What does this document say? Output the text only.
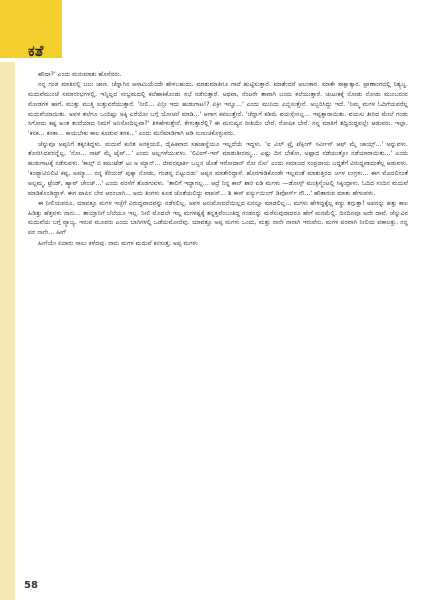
ಕತೆ

ಹೌದಾ?' ಎಂದು ಮರುಮಾತು ಹೊಸೆದರು.

ನನ್ನ ಗಂಡ ಮಾತಿನಲ್ಲಿ ಬಲು ಜಾಣ. ಚೆನ್ನಾಗಿನ ಆಸಾಮಿಯೆಂದೇ ಹೇಳಬಹುದು. ಮಾತುಮಾತಿಗೂ ಗಾದೆ ಹುಟ್ಟಿಸುತ್ತಾರೆ. ಮಾತೆಂದರೆ ಅಲಂಕಾರ. ಮಾತೇ ಸಾಕ್ಷಾತ್ಕಾರ. ಪ್ರಾಣಾಂಗದಲ್ಲಿ ನಿಶ್ಯಬ್ದ. ಮದುವೆಮುಂಚೆ ಸಮಾರಂಭಗಳಲ್ಲಿ, ಇನ್ನಿಲ್ಲದ ಸಂಭ್ರಮದಲ್ಲಿ ಕಲೆಹಾಕಿಕೊಂಡು ಸಭೆ ನಡೆಸುತ್ತಾರೆ. ಅಥವಾ, ನೆಂಟರೇ ತಾವಾಗಿ ಬಂದು ಕಲೆಯುತ್ತಾರೆ. ಚುಟುಕಕ್ಕೆ ನೋಡು ನೋಡು ಮುಂಬರುವ ಮೋಡಗಳ ಹಾಗೆ, ಮುತ್ತು ಮುತ್ತಿ ಸುತ್ತುವರೆಯುತ್ತಾರೆ. 'ನೀಲಿ... ಏನ್ರೀ ಇದು ಹುಡುಗಾಟ!? ಏಕ್ರೀ ಇನ್ನೂ...' ಎಂದು ಮುನಿದು ಎಬ್ಬಿಸುತ್ತೇನೆ. ಅಬ್ಬರಿಸಿದ್ದು ಇದೆ. 'ನಿಮ್ಮ ಮಗಳ ಓದಿಗೆಯವರೆಲ್ಲ ಮದುವೆಯಾಯಿತು. ಅವಳ ತಲೆಗೂ ಒಂದಿಷ್ಟು ಅಕ್ಕಿ ಎರೆಯೋ ಬಗ್ಗೆ ಯೋಚನೆ ಮಾಡಿ...' ಆಗಾಗ ಕವಲುತ್ತೇನೆ. 'ಚೆನ್ನಾಗೆ ಕಡಿಮೆ ವಯಸ್ಸೇನಲ್ಲ... ಇಪ್ಪತ್ತಾರಾಯಿತು. ವಯಸು ತೀರಿದ ಮೇಲೆ ಗಂಡು ಸಿಗೋದು ಕಷ್ಟ ಅಂತ ತಂದೆಯಾದ ನಿಮಗೆ ಅನಿಸೋದಿಲ್ಲವಾ?' ತಿಳಿಹೇಳುತ್ತೇನೆ. ಕೇಳುತ್ತಾರೆಲ್ಲಿ? ಈ ಮನುಷ್ಯನ ರೀತಿಯೇ ಬೇರೆ. ರೋಷಿಕ ಬೇರೆ. ನನ್ನ ಮಾತಿಗೆ ತದ್ವಿರುದ್ಧವಲ್ಲೇ ಆಡುವರು. ಇಲ್ಲಾ, 'ಕನಕ... ಕನಕಾ... ಕಾಯಬೇಕು ಕಾಲ ಕೂಡುವ ತನಕ...' ಎಂದು ಮನೆಮಾಡಿಗಾಗಿ ಆಡಿ ಸುಣುಚಿಕೊಳ್ಳುವರು.

ಚೆನ್ನುವೂ ಅಪ್ಪನಿಗೆ ತಕ್ಕಂತಿದ್ದಳು. ಮದುವೆ ಕುರಿತ ಅನಕ್ತಯಲಿ, ದೈಹಿಕವಾದ ಸಹಜಾಸ್ಥೆಯೂ ಇಲ್ಲದೆಯೆ ಇದ್ದಳು. 'ಐ ವಿಲ್ ಟ್ರೈ ಟೆಕ್ಸಿಂಗ್ ಸರ್ವೀಸ್ ಆಫ್ ಮೈ ಚಾಯ್ಸ್...' ಅನ್ನುವಳು. ತೋರಿಸಿದವರನ್ನೆಲ್ಲ, 'ನೋ... ನಾಟ್ ಮೈ ಟೈಪ್...' ಎಂದು ಅಲ್ಲಗಳೆಯುವಳು. 'ಲಿವಿಂಗ್-ಇನ್ ಮಾಡುತೀನಮ್ಮ... ಎಷ್ಟು ದಿನ ಬೇಕೋ, ಅಷ್ಟಾದ ನಡೆಯುತ್ತೋ ನಡೆಯಾರಾಯಿತು...' ಎಂದು ಹುಡುಗಾಟಕ್ಕೆ ನಡೆಸುವಳು. 'ಕಾಲ್ಸ್ ಬಿ ಕಮುಟೆಡ್ ಟು ಅ ಮ್ಯಾನ್... ಜೀವನಪೂರ್ತಿ ಒಬ್ಬನ ಜೊತೆ ಇರೋದಾನ್ ನೋ ನೋ' ಎಂದು ಸಮಾಜದ ಸಂಪ್ರದಾಯ ಬದ್ಧತೆಗೆ ವಿರುದ್ಧವಾದಂತೆಲ್ಲ ಆಡುವಳು. 'ಕಂಪ್ಯಾಟಿಬಿಲಿಟಿ ಕಷ್ಟ, ಅಮ್ಮಾ... ನನ್ನ ಕೆರಿಯರ್ ಪುಕ್ಕಾ ನೋಡು, ಗಂಡನ್ನ ಬಿಟ್ಟುಬಿಡು' ಅಪ್ಪನ ಮಾತೇರಿದ್ದಾಳೆ. ಹೊರಗಾಡಿಕೊಂಡೇ ಇಲ್ಲವಂತೆ ಮಾತುತ್ತಿರದ ಜಗಳ ಉಗ್ರಳು... ಈಗ ಮೊದಲಿನಂತೆ ಅಲ್ಲಮ್ಮ, ಟ್ರೆಂಡ್, ಹ್ಯಾವ್ ಚೇಂಜ್...' ಎಂದು ವರಸೆಗೆ ತೊಡಗುವಳು. 'ತಾಲಿಗೆ ಇದ್ದಾಗಲ್ಲ... ಆದ್ರೆ ನಿನ್ನ ಕಾನ್ ಶಾರಿ ಐಡಿ ಮಗಳು —ಡೋಸ್ಸ್ ಮಂತ್ರಿಸ್ಮೆಂಟಲ್ಲಿ ಸಿಕ್ಕಿಂದ್ರಾಳು. ಓದಿದ ಸಂದಿನ ಮದುವೆ ಮಾಡಿಕೊಂಡಿದ್ದಾಳೆ. ಈಗ ಪಾಪಿನ ಬೇರ ಆರಂಬಾಗಿ... ಅದು ತಿಂಗಳು ಕೂಡ ಜೊತೆಯಲಿದ್ದು ವಾಪಸ್... ಶಿ ಈಸ್ ಪರ್ಸ್ಯುಯಿಂಗ್ ಡಿವೋರ್ಸ್ ನೌ...' ಹೌತಾರುವ ಮಾತು ಹೇಳುವಳು.

ಈ ನೀಲಿಯವರೂ, ಯಾವತ್ತೂ ಮಗಳ ಇಚ್ಛೆಗೆ ವಿರುದ್ಧವಾದವನ್ನು ನಡೆಸಲಿಲ್ಲ. ಅವಳ ಅನುಮೋದನೆಯಿಲ್ಲದ ಏನನ್ನೂ ಮಾಡಲಿಲ್ಲ... ಮಗಳು ಹೇಳಿದ್ದಕ್ಕೆಲ್ಲ ಕಣ್ಣು ತಗ್ಗುತ್ತಾ! ಅವನನ್ನು ಹತ್ತು ಕಾಲ ಹಿಡಿತ್ತು ಹೆತ್ತವಳು ನಾನು... ತಾಯ್ತಾನಿಗೆ ಬೆಲೆಯೂ ಇಲ್ಲ. ನೀಲಿ ಮೊದಲೇ ಇಲ್ಲ ಮಗಳಷ್ಟಕ್ಕೆ ತನ್ನತ್ತವೆಂಬಂತಿದ್ದ ಗಂಡನನ್ನು ಮರೆಸುವುದಾದರೂ ಹೇಗೆ ಮನಮೆಲ್ಲಿ. ದಿನದಿನವೂ ಅದೇ ದಾವೆ. ಚೆನ್ನುವಿನ ಮದುವೆಯ ಬಗ್ಗೆ ವ್ಯಾಜ್ಯ. ಇರುವ ಮೂವರು ಎಂದು ಬಾಗಿಗಳಲ್ಲಿ ಒಡೆಯಮೋದೆವು. ಯಾವತ್ತೂ ಅಪ್ಪ ಮಗಳು ಒಂದು, ಮತ್ತು ನಾನೇ ನಾನಾಗಿ ಇರುವೆನು. ಮಗಳ ಪರವಾಗಿ ನೀಲಿಯ ವಕಾಲತ್ತು, ನನ್ನ ಪರ ನಾನೇ... ಹೀಗೆ

ಹೀಗೆಯೇ ಏದಾರು ಸಾಲು ಕಳೆದವು. ನಾನು ಮಗಳ ಮದುವೆ ಕನಸುತ್ತ; ಅಪ್ಪ ಮಗಳು

58
